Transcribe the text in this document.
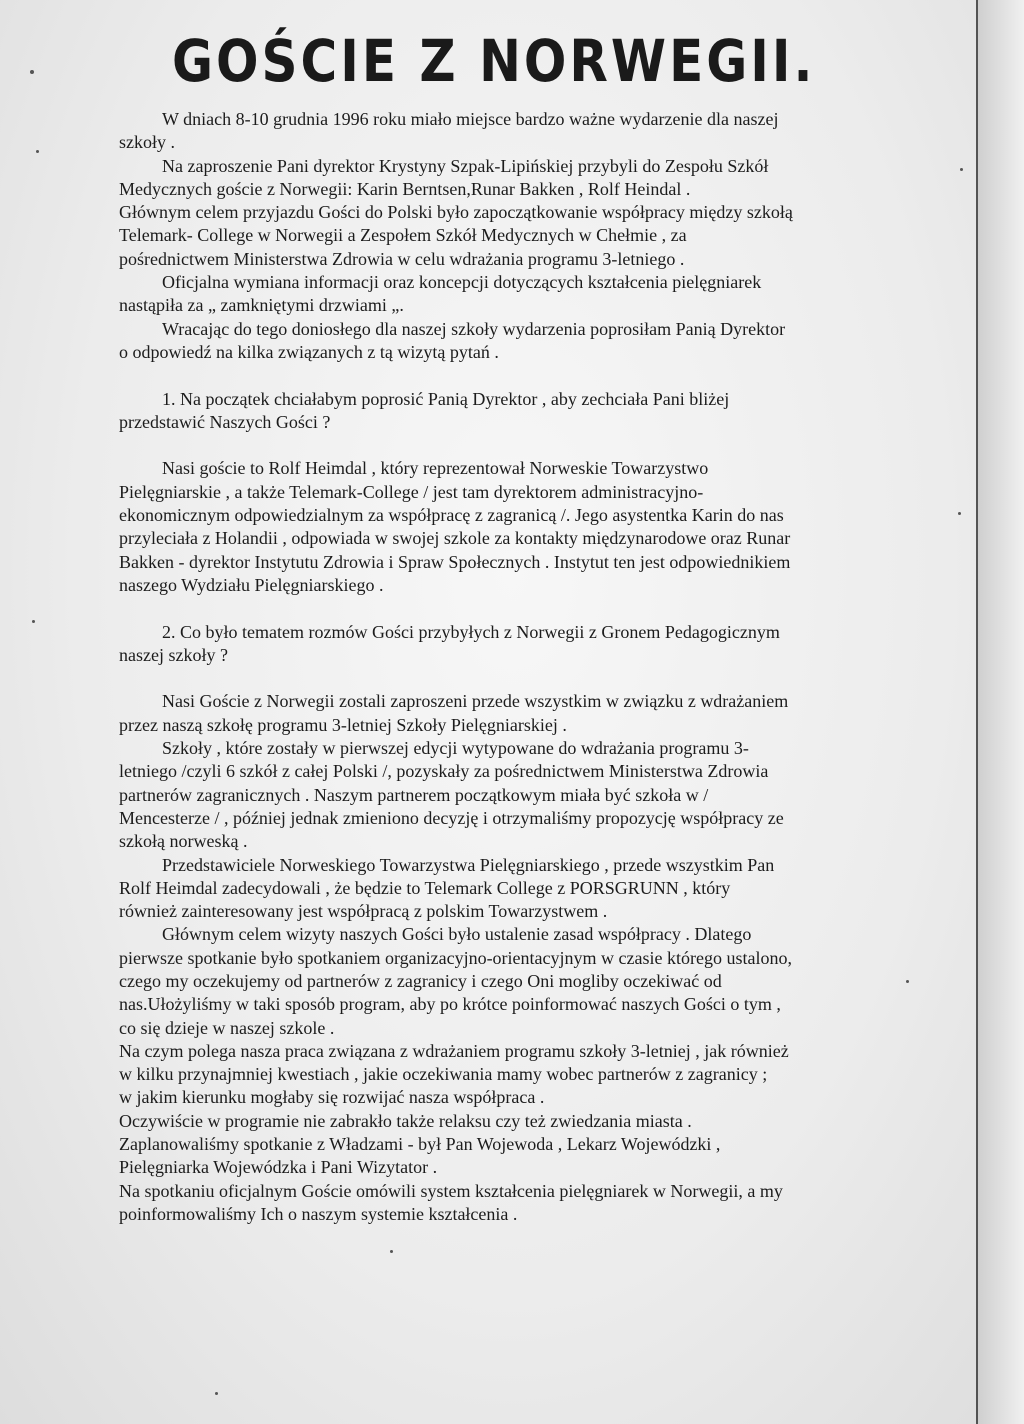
GOŚCIE Z NORWEGII.
W dniach 8-10 grudnia 1996 roku miało miejsce bardzo ważne wydarzenie dla naszej
szkoły .
Na zaproszenie Pani dyrektor Krystyny Szpak-Lipińskiej przybyli do Zespołu Szkół
Medycznych goście z Norwegii: Karin Berntsen,Runar Bakken , Rolf Heindal .
Głównym celem przyjazdu Gości do Polski było zapoczątkowanie współpracy między szkołą
Telemark- College w Norwegii a Zespołem Szkół Medycznych w Chełmie , za
pośrednictwem Ministerstwa Zdrowia w celu wdrażania programu 3-letniego .
Oficjalna wymiana informacji oraz koncepcji dotyczących kształcenia pielęgniarek
nastąpiła za „ zamkniętymi drzwiami „.
Wracając do tego doniosłego dla naszej szkoły wydarzenia poprosiłam Panią Dyrektor
o odpowiedź na kilka związanych z tą wizytą pytań .
1. Na początek chciałabym poprosić Panią Dyrektor , aby zechciała Pani bliżej
przedstawić Naszych Gości ?
Nasi goście to Rolf Heimdal , który reprezentował Norweskie Towarzystwo
Pielęgniarskie , a także Telemark-College / jest tam dyrektorem administracyjno-
ekonomicznym odpowiedzialnym za współpracę z zagranicą /. Jego asystentka Karin do nas
przyleciała z Holandii , odpowiada w swojej szkole za kontakty międzynarodowe oraz Runar
Bakken - dyrektor Instytutu Zdrowia i Spraw Społecznych . Instytut ten jest odpowiednikiem
naszego Wydziału Pielęgniarskiego .
2. Co było tematem rozmów Gości przybyłych z Norwegii z Gronem Pedagogicznym
naszej szkoły ?
Nasi Goście z Norwegii zostali zaproszeni przede wszystkim w związku z wdrażaniem
przez naszą szkołę programu 3-letniej Szkoły Pielęgniarskiej .
Szkoły , które zostały w pierwszej edycji wytypowane do wdrażania programu 3-
letniego /czyli 6 szkół z całej Polski /, pozyskały za pośrednictwem Ministerstwa Zdrowia
partnerów zagranicznych . Naszym partnerem początkowym miała być szkoła w /
Mencesterze / , później jednak zmieniono decyzję i otrzymaliśmy propozycję współpracy ze
szkołą norweską .
Przedstawiciele Norweskiego Towarzystwa Pielęgniarskiego , przede wszystkim Pan
Rolf Heimdal zadecydowali , że będzie to Telemark College z PORSGRUNN , który
również zainteresowany jest współpracą z polskim Towarzystwem .
Głównym celem wizyty naszych Gości było ustalenie zasad współpracy . Dlatego
pierwsze spotkanie było spotkaniem organizacyjno-orientacyjnym w czasie którego ustalono,
czego my oczekujemy od partnerów z zagranicy i czego Oni mogliby oczekiwać od
nas.Ułożyliśmy w taki sposób program, aby po krótce poinformować naszych Gości o tym ,
co się dzieje w naszej szkole .
Na czym polega nasza praca związana z wdrażaniem programu szkoły 3-letniej , jak również
w kilku przynajmniej kwestiach , jakie oczekiwania mamy wobec partnerów z zagranicy ;
w jakim kierunku mogłaby się rozwijać nasza współpraca .
Oczywiście w programie nie zabrakło także relaksu czy też zwiedzania miasta .
Zaplanowaliśmy spotkanie z Władzami - był Pan Wojewoda , Lekarz Wojewódzki ,
Pielęgniarka Wojewódzka i Pani Wizytator .
Na spotkaniu oficjalnym Goście omówili system kształcenia pielęgniarek w Norwegii, a my
poinformowaliśmy Ich o naszym systemie kształcenia .
